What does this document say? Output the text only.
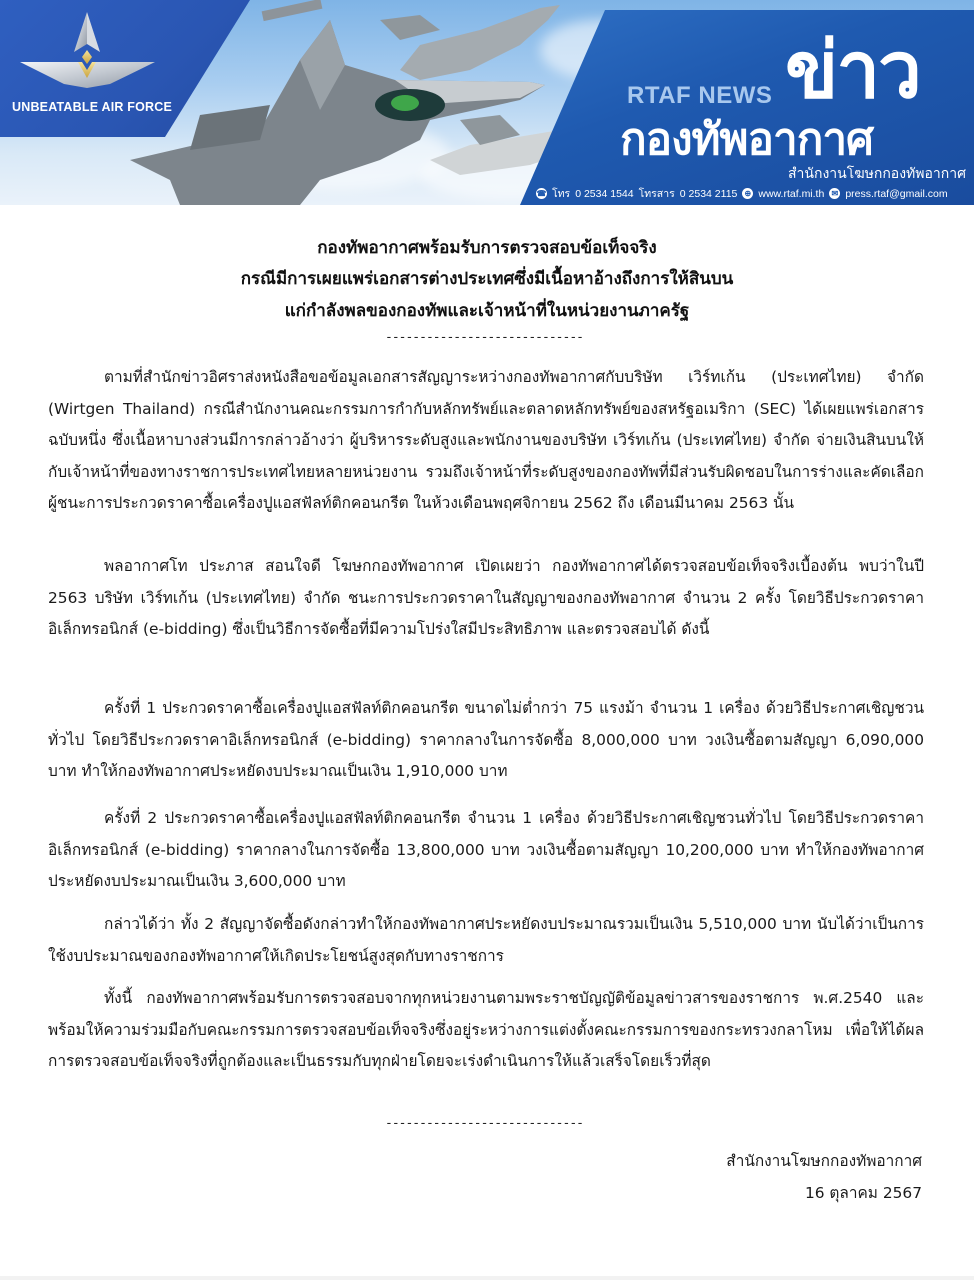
UNBEATABLE AIR FORCE	RTAF NEWS ข่าว
กองทัพอากาศ
สำนักงานโฆษกกองทัพอากาศ
☎ โทร 0 2534 1544 โทรสาร 0 2534 2115 ⊕ www.rtaf.mi.th ✉ press.rtaf@gmail.com
กองทัพอากาศพร้อมรับการตรวจสอบข้อเท็จจริง
กรณีมีการเผยแพร่เอกสารต่างประเทศซึ่งมีเนื้อหาอ้างถึงการให้สินบน
แก่กำลังพลของกองทัพและเจ้าหน้าที่ในหน่วยงานภาครัฐ
-----------------------------
ตามที่สำนักข่าวอิศราส่งหนังสือขอข้อมูลเอกสารสัญญาระหว่างกองทัพอากาศกับบริษัท เวิร์ทเก้น (ประเทศไทย) จำกัด (Wirtgen Thailand) กรณีสำนักงานคณะกรรมการกำกับหลักทรัพย์และตลาดหลักทรัพย์ของสหรัฐอเมริกา (SEC) ได้เผยแพร่เอกสารฉบับหนึ่ง ซึ่งเนื้อหาบางส่วนมีการกล่าวอ้างว่า ผู้บริหารระดับสูงและพนักงานของบริษัท เวิร์ทเก้น (ประเทศไทย) จำกัด จ่ายเงินสินบนให้กับเจ้าหน้าที่ของทางราชการประเทศไทยหลายหน่วยงาน รวมถึงเจ้าหน้าที่ระดับสูงของกองทัพที่มีส่วนรับผิดชอบในการร่างและคัดเลือกผู้ชนะการประกวดราคาซื้อเครื่องปูแอสฟัลท์ติกคอนกรีต ในห้วงเดือนพฤศจิกายน 2562 ถึง เดือนมีนาคม 2563 นั้น
พลอากาศโท ประภาส สอนใจดี โฆษกกองทัพอากาศ เปิดเผยว่า กองทัพอากาศได้ตรวจสอบข้อเท็จจริงเบื้องต้น พบว่าในปี 2563 บริษัท เวิร์ทเก้น (ประเทศไทย) จำกัด ชนะการประกวดราคาในสัญญาของกองทัพอากาศ จำนวน 2 ครั้ง โดยวิธีประกวดราคาอิเล็กทรอนิกส์ (e-bidding) ซึ่งเป็นวิธีการจัดซื้อที่มีความโปร่งใสมีประสิทธิภาพ และตรวจสอบได้ ดังนี้
ครั้งที่ 1 ประกวดราคาซื้อเครื่องปูแอสฟัลท์ติกคอนกรีต ขนาดไม่ต่ำกว่า 75 แรงม้า จำนวน 1 เครื่อง ด้วยวิธีประกาศเชิญชวนทั่วไป โดยวิธีประกวดราคาอิเล็กทรอนิกส์ (e-bidding) ราคากลางในการจัดซื้อ 8,000,000 บาท วงเงินซื้อตามสัญญา 6,090,000 บาท ทำให้กองทัพอากาศประหยัดงบประมาณเป็นเงิน 1,910,000 บาท
ครั้งที่ 2 ประกวดราคาซื้อเครื่องปูแอสฟัลท์ติกคอนกรีต จำนวน 1 เครื่อง ด้วยวิธีประกาศเชิญชวนทั่วไป โดยวิธีประกวดราคาอิเล็กทรอนิกส์ (e-bidding) ราคากลางในการจัดซื้อ 13,800,000 บาท วงเงินซื้อตามสัญญา 10,200,000 บาท ทำให้กองทัพอากาศประหยัดงบประมาณเป็นเงิน 3,600,000 บาท
กล่าวได้ว่า ทั้ง 2 สัญญาจัดซื้อดังกล่าวทำให้กองทัพอากาศประหยัดงบประมาณรวมเป็นเงิน 5,510,000 บาท นับได้ว่าเป็นการใช้งบประมาณของกองทัพอากาศให้เกิดประโยชน์สูงสุดกับทางราชการ
ทั้งนี้ กองทัพอากาศพร้อมรับการตรวจสอบจากทุกหน่วยงานตามพระราชบัญญัติข้อมูลข่าวสารของราชการ พ.ศ.2540 และพร้อมให้ความร่วมมือกับคณะกรรมการตรวจสอบข้อเท็จจริงซึ่งอยู่ระหว่างการแต่งตั้งคณะกรรมการของกระทรวงกลาโหม เพื่อให้ได้ผลการตรวจสอบข้อเท็จจริงที่ถูกต้องและเป็นธรรมกับทุกฝ่ายโดยจะเร่งดำเนินการให้แล้วเสร็จโดยเร็วที่สุด
-----------------------------
สำนักงานโฆษกกองทัพอากาศ
16 ตุลาคม 2567
